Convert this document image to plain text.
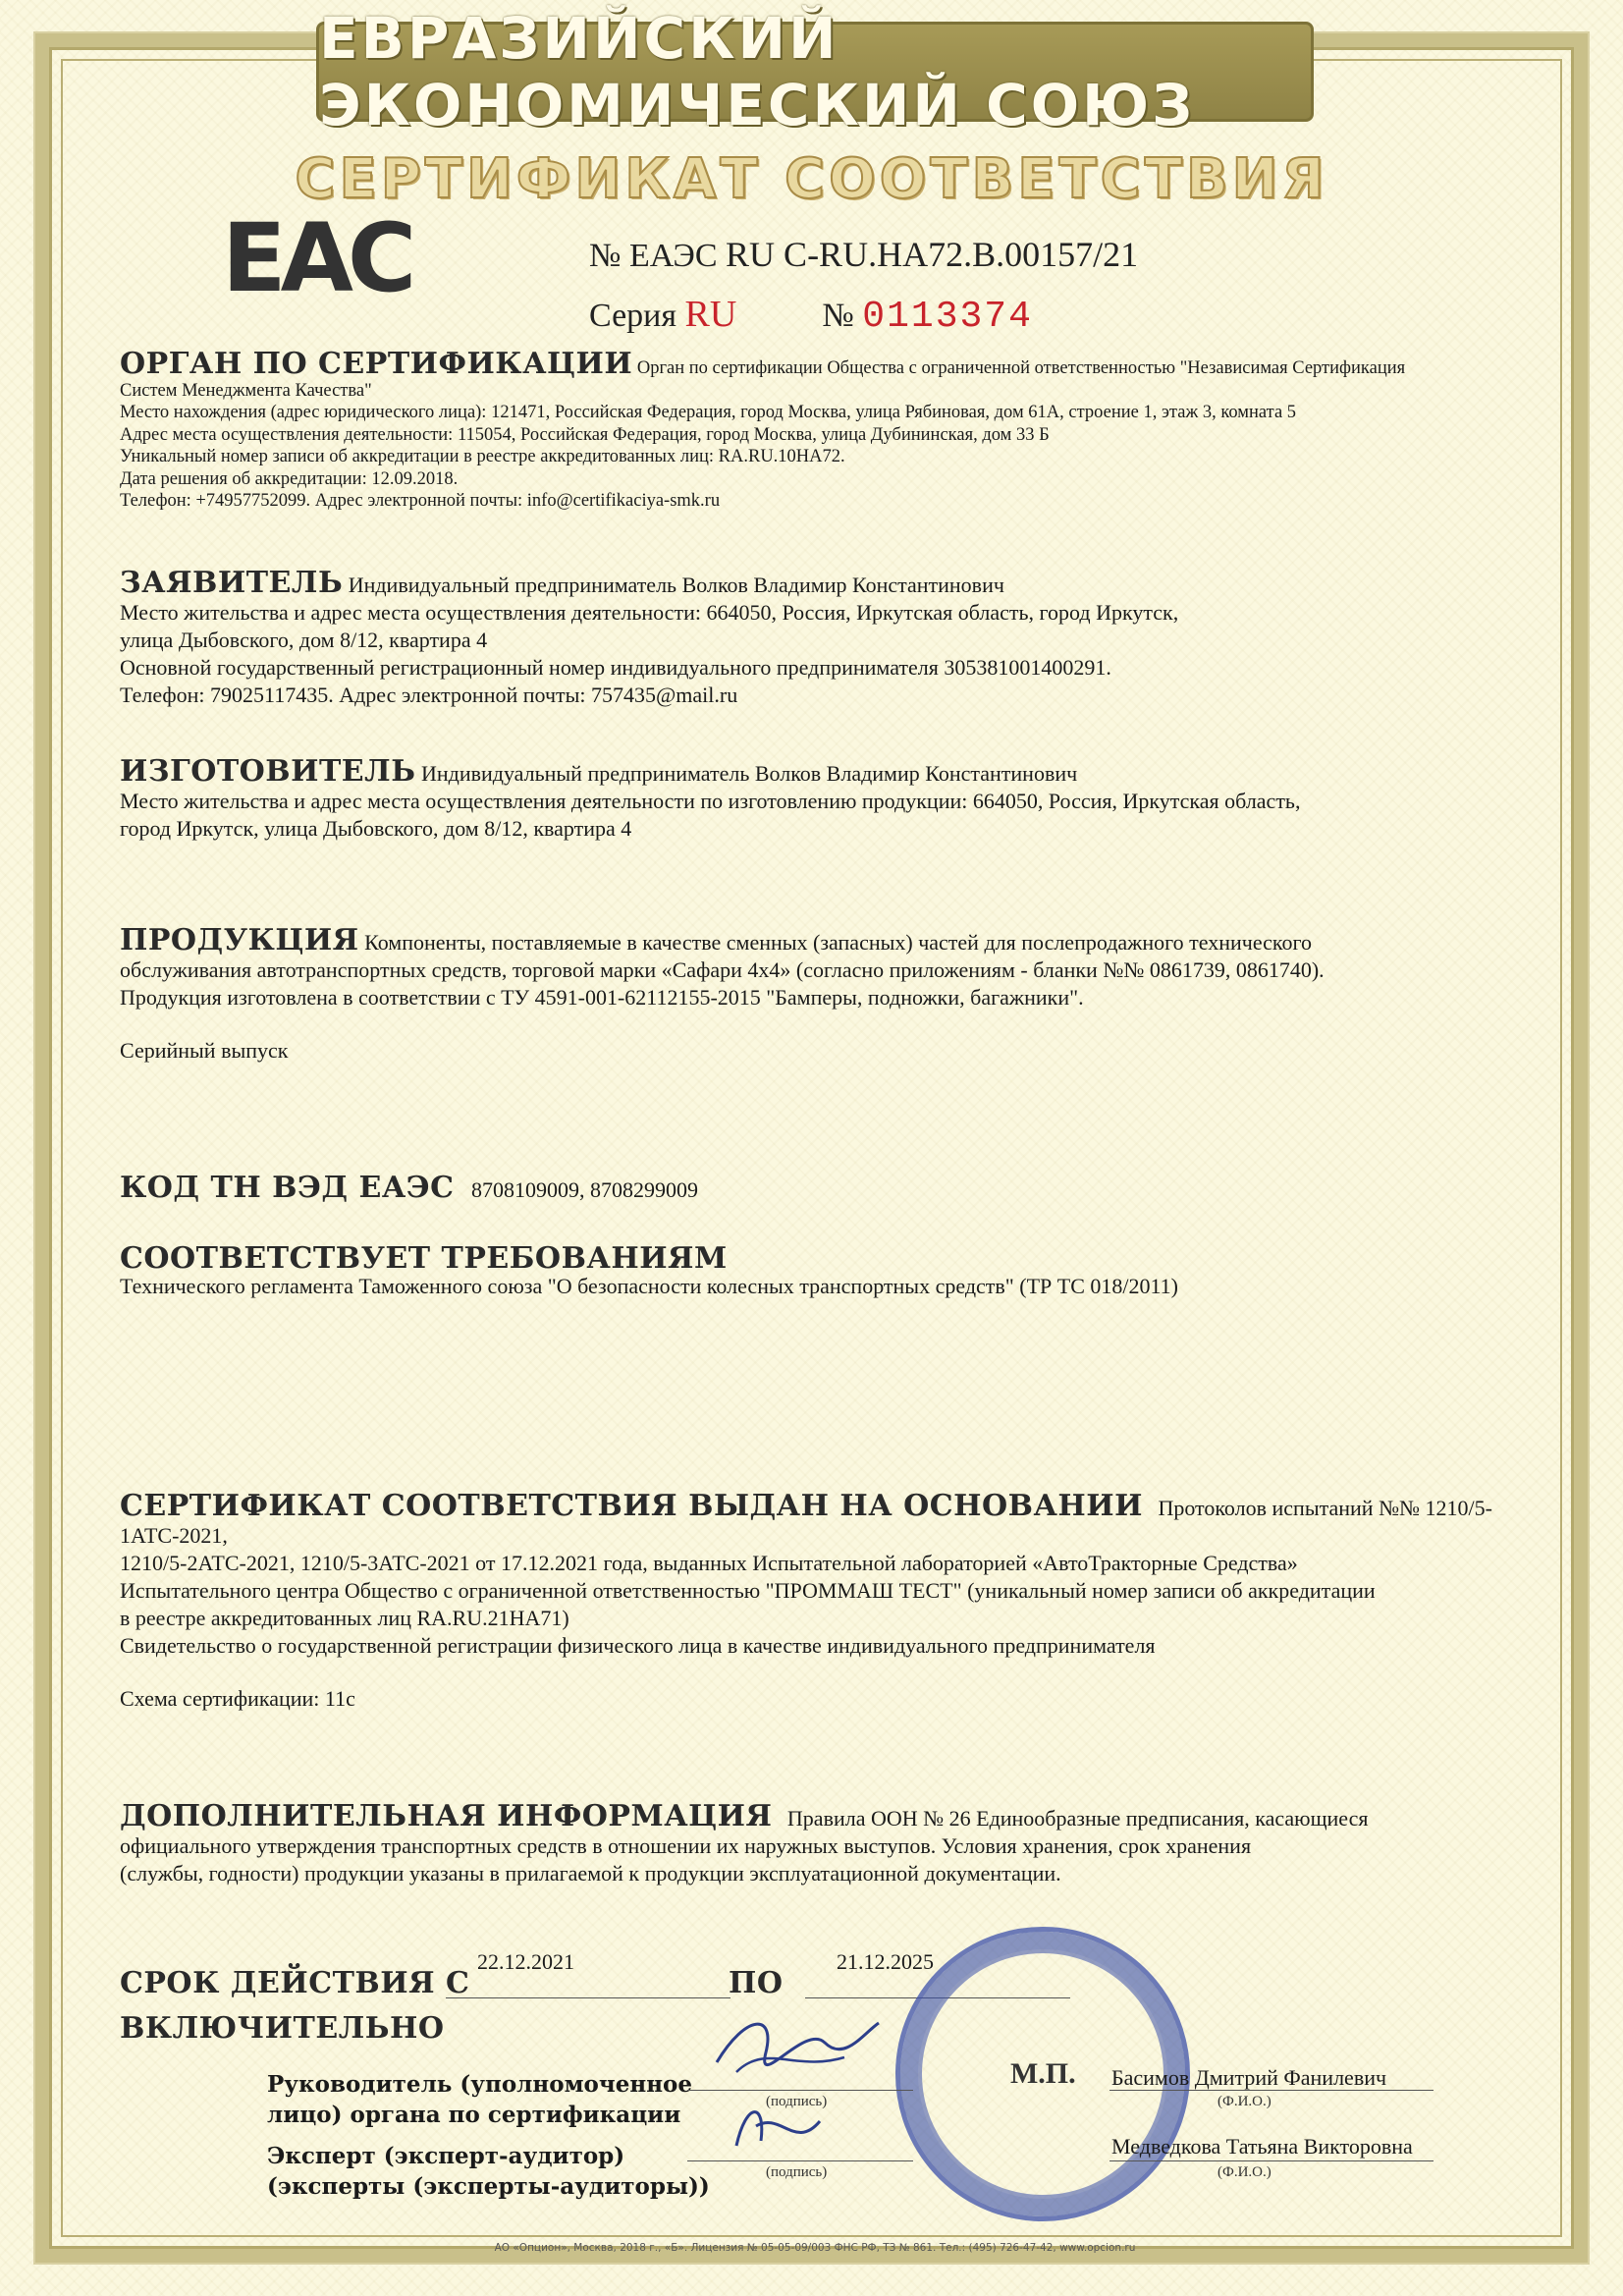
ЕВРАЗИЙСКИЙ ЭКОНОМИЧЕСКИЙ СОЮЗ
СЕРТИФИКАТ СООТВЕТСТВИЯ
ЕАС	№ ЕАЭС RU C-RU.HA72.B.00157/21
Серия RU	№ 0113374
ОРГАН ПО СЕРТИФИКАЦИИ Орган по сертификации Общества с ограниченной ответственностью "Независимая Сертификация
Систем Менеджмента Качества"
Место нахождения (адрес юридического лица): 121471, Российская Федерация, город Москва, улица Рябиновая, дом 61А, строение 1, этаж 3, комната 5
Адрес места осуществления деятельности: 115054, Российская Федерация, город Москва, улица Дубининская, дом 33 Б
Уникальный номер записи об аккредитации в реестре аккредитованных лиц: RA.RU.10HA72.
Дата решения об аккредитации: 12.09.2018.
Телефон: +74957752099. Адрес электронной почты: info@certifikaciya-smk.ru
ЗАЯВИТЕЛЬ Индивидуальный предприниматель Волков Владимир Константинович
Место жительства и адрес места осуществления деятельности: 664050, Россия, Иркутская область, город Иркутск,
улица Дыбовского, дом 8/12, квартира 4
Основной государственный регистрационный номер индивидуального предпринимателя 305381001400291.
Телефон: 79025117435. Адрес электронной почты: 757435@mail.ru
ИЗГОТОВИТЕЛЬ Индивидуальный предприниматель Волков Владимир Константинович
Место жительства и адрес места осуществления деятельности по изготовлению продукции: 664050, Россия, Иркутская область,
город Иркутск, улица Дыбовского, дом 8/12, квартира 4
ПРОДУКЦИЯ Компоненты, поставляемые в качестве сменных (запасных) частей для послепродажного технического
обслуживания автотранспортных средств, торговой марки «Сафари 4x4» (согласно приложениям - бланки №№ 0861739, 0861740).
Продукция изготовлена в соответствии с ТУ 4591-001-62112155-2015 "Бамперы, подножки, багажники".
Серийный выпуск
КОД ТН ВЭД ЕАЭС 8708109009, 8708299009
СООТВЕТСТВУЕТ ТРЕБОВАНИЯМ
Технического регламента Таможенного союза "О безопасности колесных транспортных средств" (ТР ТС 018/2011)
СЕРТИФИКАТ СООТВЕТСТВИЯ ВЫДАН НА ОСНОВАНИИ Протоколов испытаний №№ 1210/5-1АТС-2021,
1210/5-2АТС-2021, 1210/5-3АТС-2021 от 17.12.2021 года, выданных Испытательной лабораторией «АвтоТракторные Средства»
Испытательного центра Общество с ограниченной ответственностью "ПРОММАШ ТЕСТ" (уникальный номер записи об аккредитации
в реестре аккредитованных лиц RA.RU.21HA71)
Свидетельство о государственной регистрации физического лица в качестве индивидуального предпринимателя
Схема сертификации: 11с
ДОПОЛНИТЕЛЬНАЯ ИНФОРМАЦИЯ Правила ООН № 26 Единообразные предписания, касающиеся
официального утверждения транспортных средств в отношении их наружных выступов. Условия хранения, срок хранения
(службы, годности) продукции указаны в прилагаемой к продукции эксплуатационной документации.
СРОК ДЕЙСТВИЯ С
22.12.2021
ПО
21.12.2025
ВКЛЮЧИТЕЛЬНО
М.П.
Руководитель (уполномоченное
лицо) органа по сертификации	(подпись)
Басимов Дмитрий Фанилевич
(Ф.И.О.)
Эксперт (эксперт-аудитор)
(эксперты (эксперты-аудиторы))
(подпись)
Медведкова Татьяна Викторовна
(Ф.И.О.)
АО «Опцион», Москва, 2018 г., «Б». Лицензия № 05-05-09/003 ФНС РФ, ТЗ № 861. Тел.: (495) 726-47-42, www.opcion.ru
